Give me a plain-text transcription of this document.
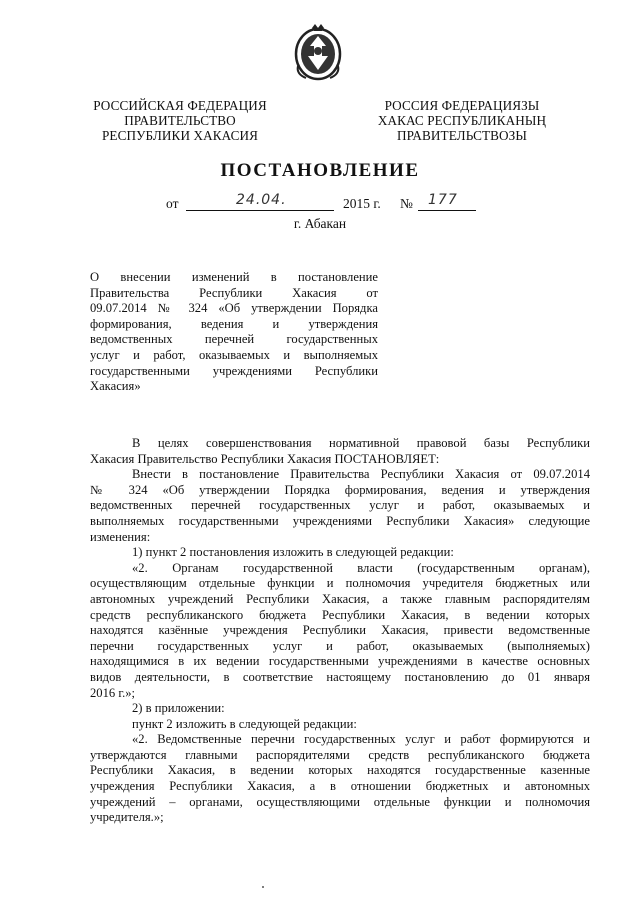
РОССИЙСКАЯ ФЕДЕРАЦИЯ
ПРАВИТЕЛЬСТВО
РЕСПУБЛИКИ ХАКАСИЯ
РОССИЯ ФЕДЕРАЦИЯЗЫ
ХАКАС РЕСПУБЛИКАНЫҢ
ПРАВИТЕЛЬСТВОЗЫ
ПОСТАНОВЛЕНИЕ
от	24.04.	2015 г. № 177
г. Абакан
О внесении изменений в постановление
Правительства Республики Хакасия от
09.07.2014 № 324 «Об утверждении Порядка
формирования, ведения и утверждения
ведомственных перечней государственных
услуг и работ, оказываемых и выполняемых
государственными учреждениями Республики
Хакасия»
В целях совершенствования нормативной правовой базы Республики
Хакасия Правительство Республики Хакасия ПОСТАНОВЛЯЕТ:
Внести в постановление Правительства Республики Хакасия от 09.07.2014
№ 324 «Об утверждении Порядка формирования, ведения и утверждения
ведомственных перечней государственных услуг и работ, оказываемых и
выполняемых государственными учреждениями Республики Хакасия» следующие
изменения:
1) пункт 2 постановления изложить в следующей редакции:
«2. Органам государственной власти (государственным органам),
осуществляющим отдельные функции и полномочия учредителя бюджетных или
автономных учреждений Республики Хакасия, а также главным распорядителям
средств республиканского бюджета Республики Хакасия, в ведении которых
находятся казённые учреждения Республики Хакасия, привести ведомственные
перечни государственных услуг и работ, оказываемых (выполняемых)
находящимися в их ведении государственными учреждениями в качестве основных
видов деятельности, в соответствие настоящему постановлению до 01 января
2016 г.»;
2) в приложении:
пункт 2 изложить в следующей редакции:
«2. Ведомственные перечни государственных услуг и работ формируются и
утверждаются главными распорядителями средств республиканского бюджета
Республики Хакасия, в ведении которых находятся государственные казенные
учреждения Республики Хакасия, а в отношении бюджетных и автономных
учреждений – органами, осуществляющими отдельные функции и полномочия
учредителя.»;
